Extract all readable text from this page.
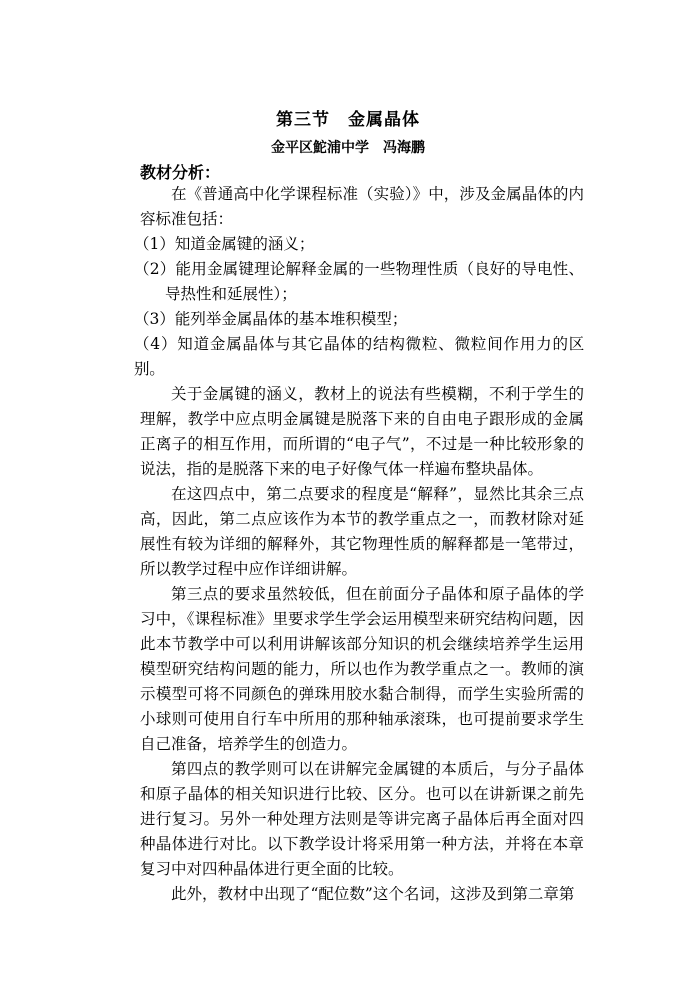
第三节　金属晶体
金平区鮀浦中学　冯海鹏
教材分析：

在《普通高中化学课程标准（实验）》中，涉及金属晶体的内容标准包括：

（1）知道金属键的涵义；

（2）能用金属键理论解释金属的一些物理性质（良好的导电性、导热性和延展性）；

（3）能列举金属晶体的基本堆积模型；

（4）知道金属晶体与其它晶体的结构微粒、微粒间作用力的区别。

关于金属键的涵义，教材上的说法有些模糊，不利于学生的理解，教学中应点明金属键是脱落下来的自由电子跟形成的金属正离子的相互作用，而所谓的“电子气”，不过是一种比较形象的说法，指的是脱落下来的电子好像气体一样遍布整块晶体。

在这四点中，第二点要求的程度是“解释”，显然比其余三点高，因此，第二点应该作为本节的教学重点之一，而教材除对延展性有较为详细的解释外，其它物理性质的解释都是一笔带过，所以教学过程中应作详细讲解。

第三点的要求虽然较低，但在前面分子晶体和原子晶体的学习中，《课程标准》里要求学生学会运用模型来研究结构问题，因此本节教学中可以利用讲解该部分知识的机会继续培养学生运用模型研究结构问题的能力，所以也作为教学重点之一。教师的演示模型可将不同颜色的弹珠用胶水黏合制得，而学生实验所需的小球则可使用自行车中所用的那种轴承滚珠，也可提前要求学生自己准备，培养学生的创造力。

第四点的教学则可以在讲解完金属键的本质后，与分子晶体和原子晶体的相关知识进行比较、区分。也可以在讲新课之前先进行复习。另外一种处理方法则是等讲完离子晶体后再全面对四种晶体进行对比。以下教学设计将采用第一种方法，并将在本章复习中对四种晶体进行更全面的比较。

此外，教材中出现了“配位数”这个名词，这涉及到第二章第
